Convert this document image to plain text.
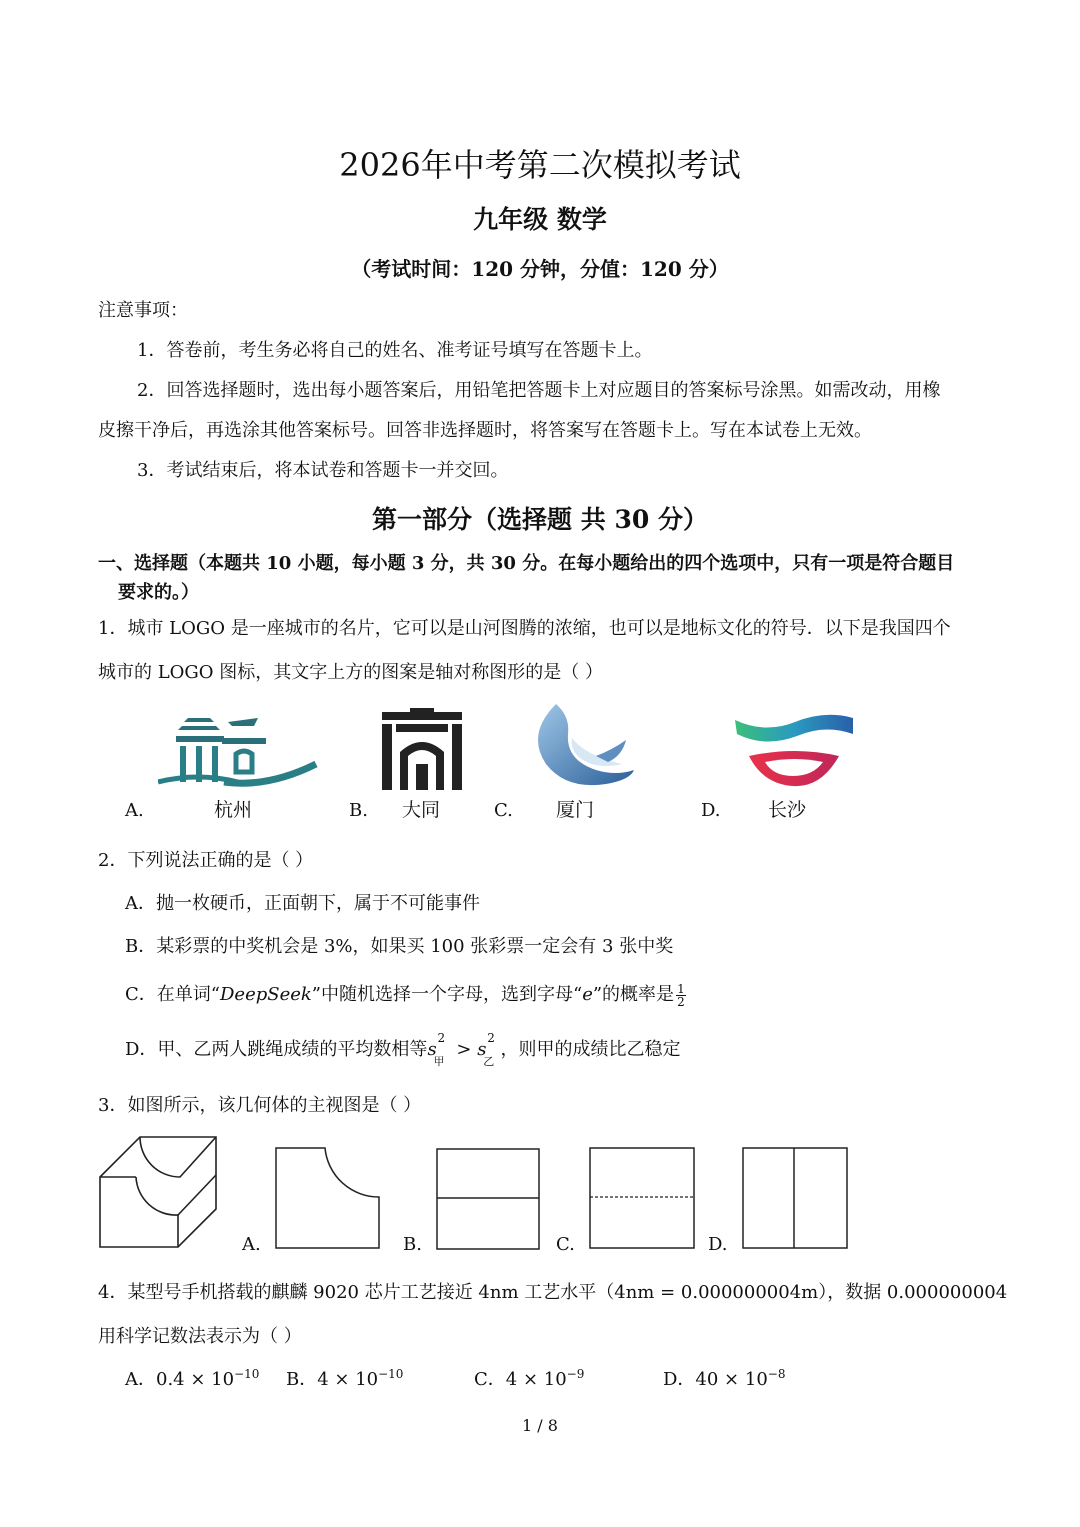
2026年中考第二次模拟考试
九年级 数学
（考试时间：120 分钟，分值：120 分）
注意事项：
1．答卷前，考生务必将自己的姓名、准考证号填写在答题卡上。
2．回答选择题时，选出每小题答案后，用铅笔把答题卡上对应题目的答案标号涂黑。如需改动，用橡
皮擦干净后，再选涂其他答案标号。回答非选择题时，将答案写在答题卡上。写在本试卷上无效。
3．考试结束后，将本试卷和答题卡一并交回。
第一部分（选择题 共 30 分）
一、选择题（本题共 10 小题，每小题 3 分，共 30 分。在每小题给出的四个选项中，只有一项是符合题目
要求的。）
1．城市 LOGO 是一座城市的名片，它可以是山河图腾的浓缩，也可以是地标文化的符号．以下是我国四个
城市的 LOGO 图标，其文字上方的图案是轴对称图形的是（ ）
A.	杭州	B. 大同	C. 厦门	D. 长沙
2．下列说法正确的是（ ）
A．抛一枚硬币，正面朝下，属于不可能事件
B．某彩票的中奖机会是 3%，如果买 100 张彩票一定会有 3 张中奖
C．在单词“DeepSeek”中随机选择一个字母，选到字母“e”的概率是 $\frac{1}{2}$
D．甲、乙两人跳绳成绩的平均数相等s
2
甲
> s
2
乙
，则甲的成绩比乙稳定
3．如图所示，该几何体的主视图是（ ）
A.	B.	C.	D.
4．某型号手机搭载的麒麟 9020 芯片工艺接近 4nm 工艺水平（4nm = 0.000000004m），数据 0.000000004
用科学记数法表示为（ ）
A．$0.4 \times 10^{-10}$ B．$4 \times 10^{-10}$	C．$4 \times 10^{-9}$	D．$40 \times 10^{-8}$
1 / 8
